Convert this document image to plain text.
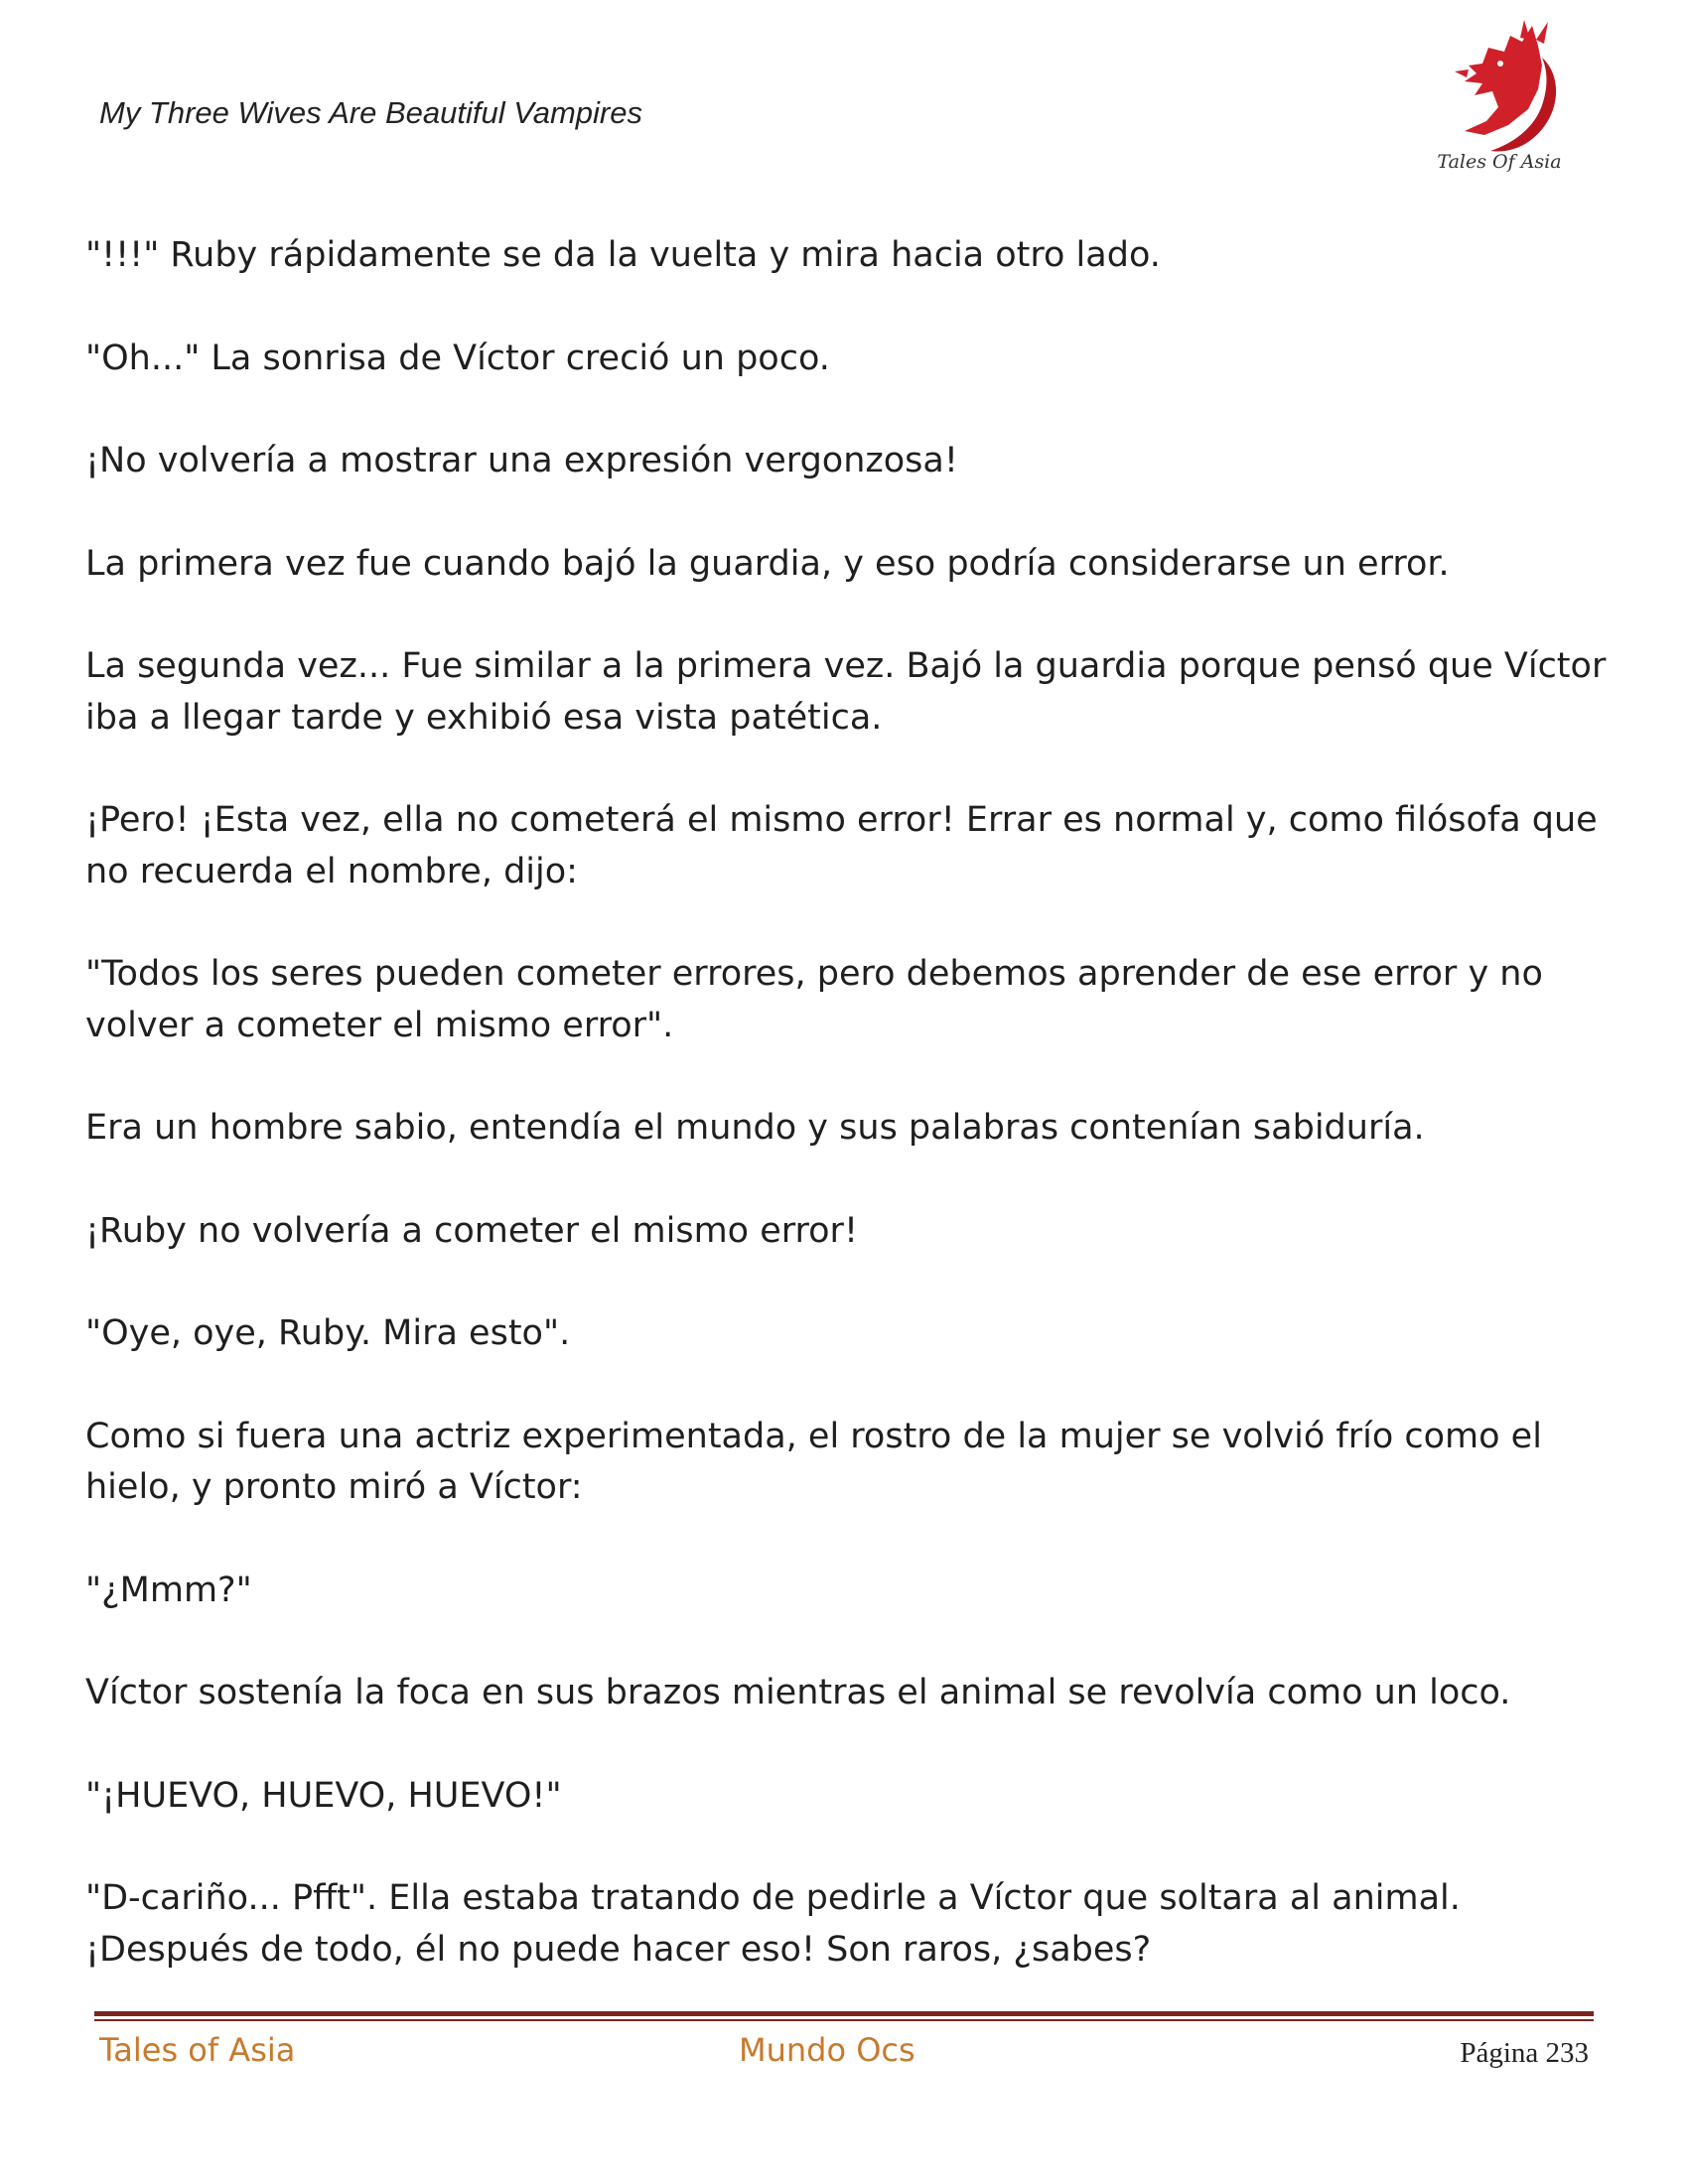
My Three Wives Are Beautiful Vampires
Tales Of Asia

"!!!" Ruby rápidamente se da la vuelta y mira hacia otro lado.

"Oh..." La sonrisa de Víctor creció un poco.

¡No volvería a mostrar una expresión vergonzosa!

La primera vez fue cuando bajó la guardia, y eso podría considerarse un error.

La segunda vez... Fue similar a la primera vez. Bajó la guardia porque pensó que Víctor iba a llegar tarde y exhibió esa vista patética.

¡Pero! ¡Esta vez, ella no cometerá el mismo error! Errar es normal y, como filósofa que no recuerda el nombre, dijo:

"Todos los seres pueden cometer errores, pero debemos aprender de ese error y no volver a cometer el mismo error".

Era un hombre sabio, entendía el mundo y sus palabras contenían sabiduría.

¡Ruby no volvería a cometer el mismo error!

"Oye, oye, Ruby. Mira esto".

Como si fuera una actriz experimentada, el rostro de la mujer se volvió frío como el hielo, y pronto miró a Víctor:

"¿Mmm?"

Víctor sostenía la foca en sus brazos mientras el animal se revolvía como un loco.

"¡HUEVO, HUEVO, HUEVO!"

"D-cariño... Pfft". Ella estaba tratando de pedirle a Víctor que soltara al animal. ¡Después de todo, él no puede hacer eso! Son raros, ¿sabes?

Tales of Asia	Mundo Ocs	Página 233
